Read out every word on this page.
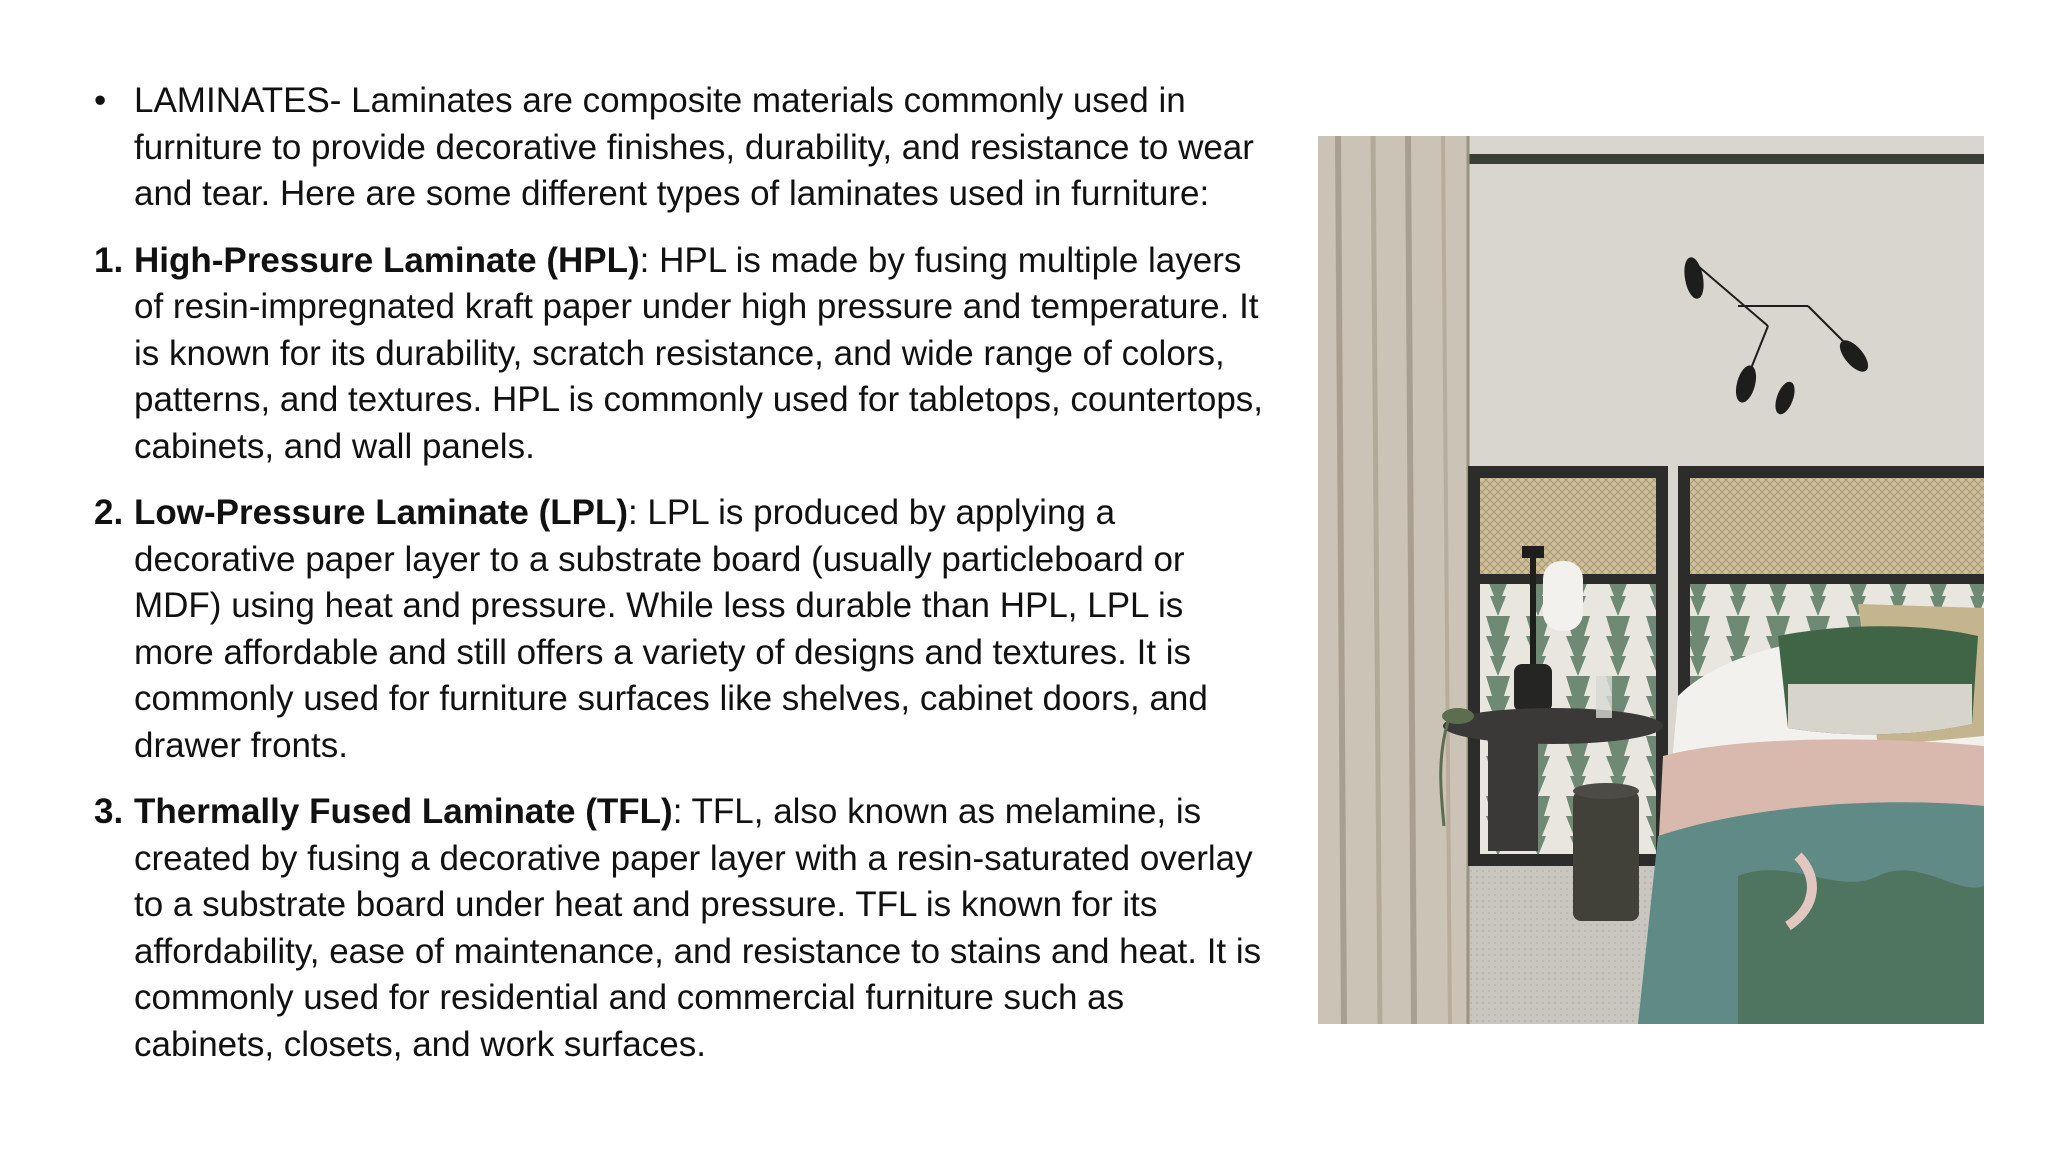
• LAMINATES- Laminates are composite materials commonly used in furniture to provide decorative finishes, durability, and resistance to wear and tear. Here are some different types of laminates used in furniture:
1. High-Pressure Laminate (HPL): HPL is made by fusing multiple layers of resin-impregnated kraft paper under high pressure and temperature. It is known for its durability, scratch resistance, and wide range of colors, patterns, and textures. HPL is commonly used for tabletops, countertops, cabinets, and wall panels.
2. Low-Pressure Laminate (LPL): LPL is produced by applying a decorative paper layer to a substrate board (usually particleboard or MDF) using heat and pressure. While less durable than HPL, LPL is more affordable and still offers a variety of designs and textures. It is commonly used for furniture surfaces like shelves, cabinet doors, and drawer fronts.
3. Thermally Fused Laminate (TFL): TFL, also known as melamine, is created by fusing a decorative paper layer with a resin-saturated overlay to a substrate board under heat and pressure. TFL is known for its affordability, ease of maintenance, and resistance to stains and heat. It is commonly used for residential and commercial furniture such as cabinets, closets, and work surfaces.
